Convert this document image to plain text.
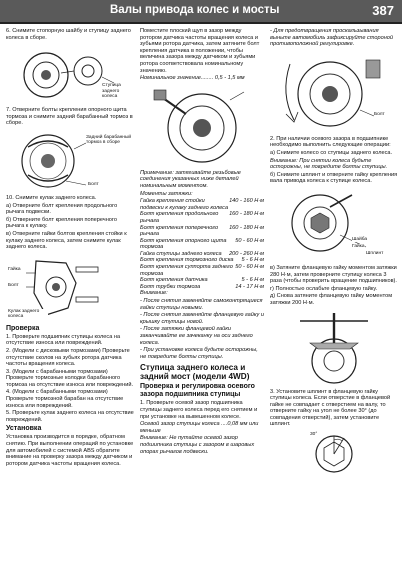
Валы привода колес и мосты	387

6. Снимите стопорную шайбу и ступицу заднего колеса в сборе.

Ступица заднего колеса

7. Отверните болты крепления опорного щита тормоза и снимите задний барабанный тормоз в сборе.

Задний барабанный тормоз в сборе
Болт

10. Снимите кулак заднего колеса.

а) Отверните болт крепления продольного рычага подвески.

б) Отверните болт крепления поперечного рычага к кулаку.

в) Отверните гайки болтов крепления стойки к кулаку заднего колеса, затем снимите кулак заднего колеса.

Гайка
Болт
Кулак заднего колеса
Проверка

1. Проверьте подшипник ступицы колеса на отсутствие износа или повреждений.

2. (Модели с дисковыми тормозами) Проверьте отсутствие сколов на зубьях ротора датчика частоты вращения колеса.

3. (Модели с барабанными тормозами) Проверьте тормозные колодки барабанного тормоза на отсутствие износа или повреждений.

4. (Модели с барабанными тормозами) Проверьте тормозной барабан на отсутствие износа или повреждений.

5. Проверьте кулак заднего колеса на отсутствие повреждений.

Установка

Установка производится в порядке, обратном снятию. При выполнении операций по установке для автомобилей с системой ABS обратите внимание на проверку зазора между датчиком и ротором датчика частоты вращения колеса.

Поместите плоский щуп в зазор между ротором датчика частоты вращения колеса и зубьями ротора датчика, затем затяните болт крепления датчика в положении, чтобы величина зазора между датчиком и зубьями ротора соответствовала номинальному значению.

Номинальное значение........ 0,5 - 1,5 мм

Примечание: затягивайте резьбовые соединения указанных ниже деталей номинальным моментом.

Моменты затяжки:

Гайка крепления стойки подвески к кулаку заднего колеса
140 - 160 Н·м
Болт крепления продольного рычага
160 - 180 Н·м
Болт крепления поперечного рычага
160 - 180 Н·м
Болт крепления опорного щита тормоза
50 - 60 Н·м
Гайка ступицы заднего колеса 200 - 260 Н·м
Болт крепления тормозного диска 5 - 6 Н·м
Болт крепления суппорта заднего тормоза
50 - 60 Н·м
Болт крепления датчика	5 - 6 Н·м
Болт трубки тормоза	14 - 17 Н·м

Внимание:

- После снятия заменяйте самоконтрящиеся гайки ступицы новыми.

- После снятия заменяйте фланцевую гайку и крышку ступицы новой.

- После затяжки фланцевой гайки заканчивайте ее зачеканку на оси заднего колеса.

- При установке колеса будьте осторожны, не повредите болты ступицы.

Ступица заднего колеса и задний мост (модели 4WD)
Проверка и регулировка осевого зазора подшипника ступицы

1. Проверьте осевой зазор подшипника ступицы заднего колеса перед его снятием и при установке на вывешенном колесе.

Осевой зазор ступицы колеса ....0,08 мм или меньше

Внимание: Не путайте осевой зазор подшипника ступицы с зазором в шаровых опорах рычагов подвески.

- Для предотвращения проскальзывания выньте автомобиль зафиксируйте стороной противоположной регулировке.

Болт

2. При наличии осевого зазора в подшипнике необходимо выполнить следующие операции:

а) Снимите колесо со ступицы заднего колеса.

Внимание: При снятии колеса будьте осторожны, не повредите болты ступицы.

б) Снимите шплинт и отверните гайку крепления вала привода колеса к ступице колеса.

Шайба
Гайка
Шплинт

в) Затяните фланцевую гайку моментом затяжки 280 Н·м, затем проверните ступицу колеса 3 раза (чтобы проверить вращение подшипников).

г) Полностью ослабьте фланцевую гайку.

д) Снова затяните фланцевую гайку моментом затяжки 200 Н·м.

3. Установите шплинт в фланцевую гайку ступицы колеса. Если отверстие в фланцевой гайке не совпадает с отверстием на валу, то отверните гайку на угол не более 30° (до совпадения отверстий), затем установите шплинт.

30°
